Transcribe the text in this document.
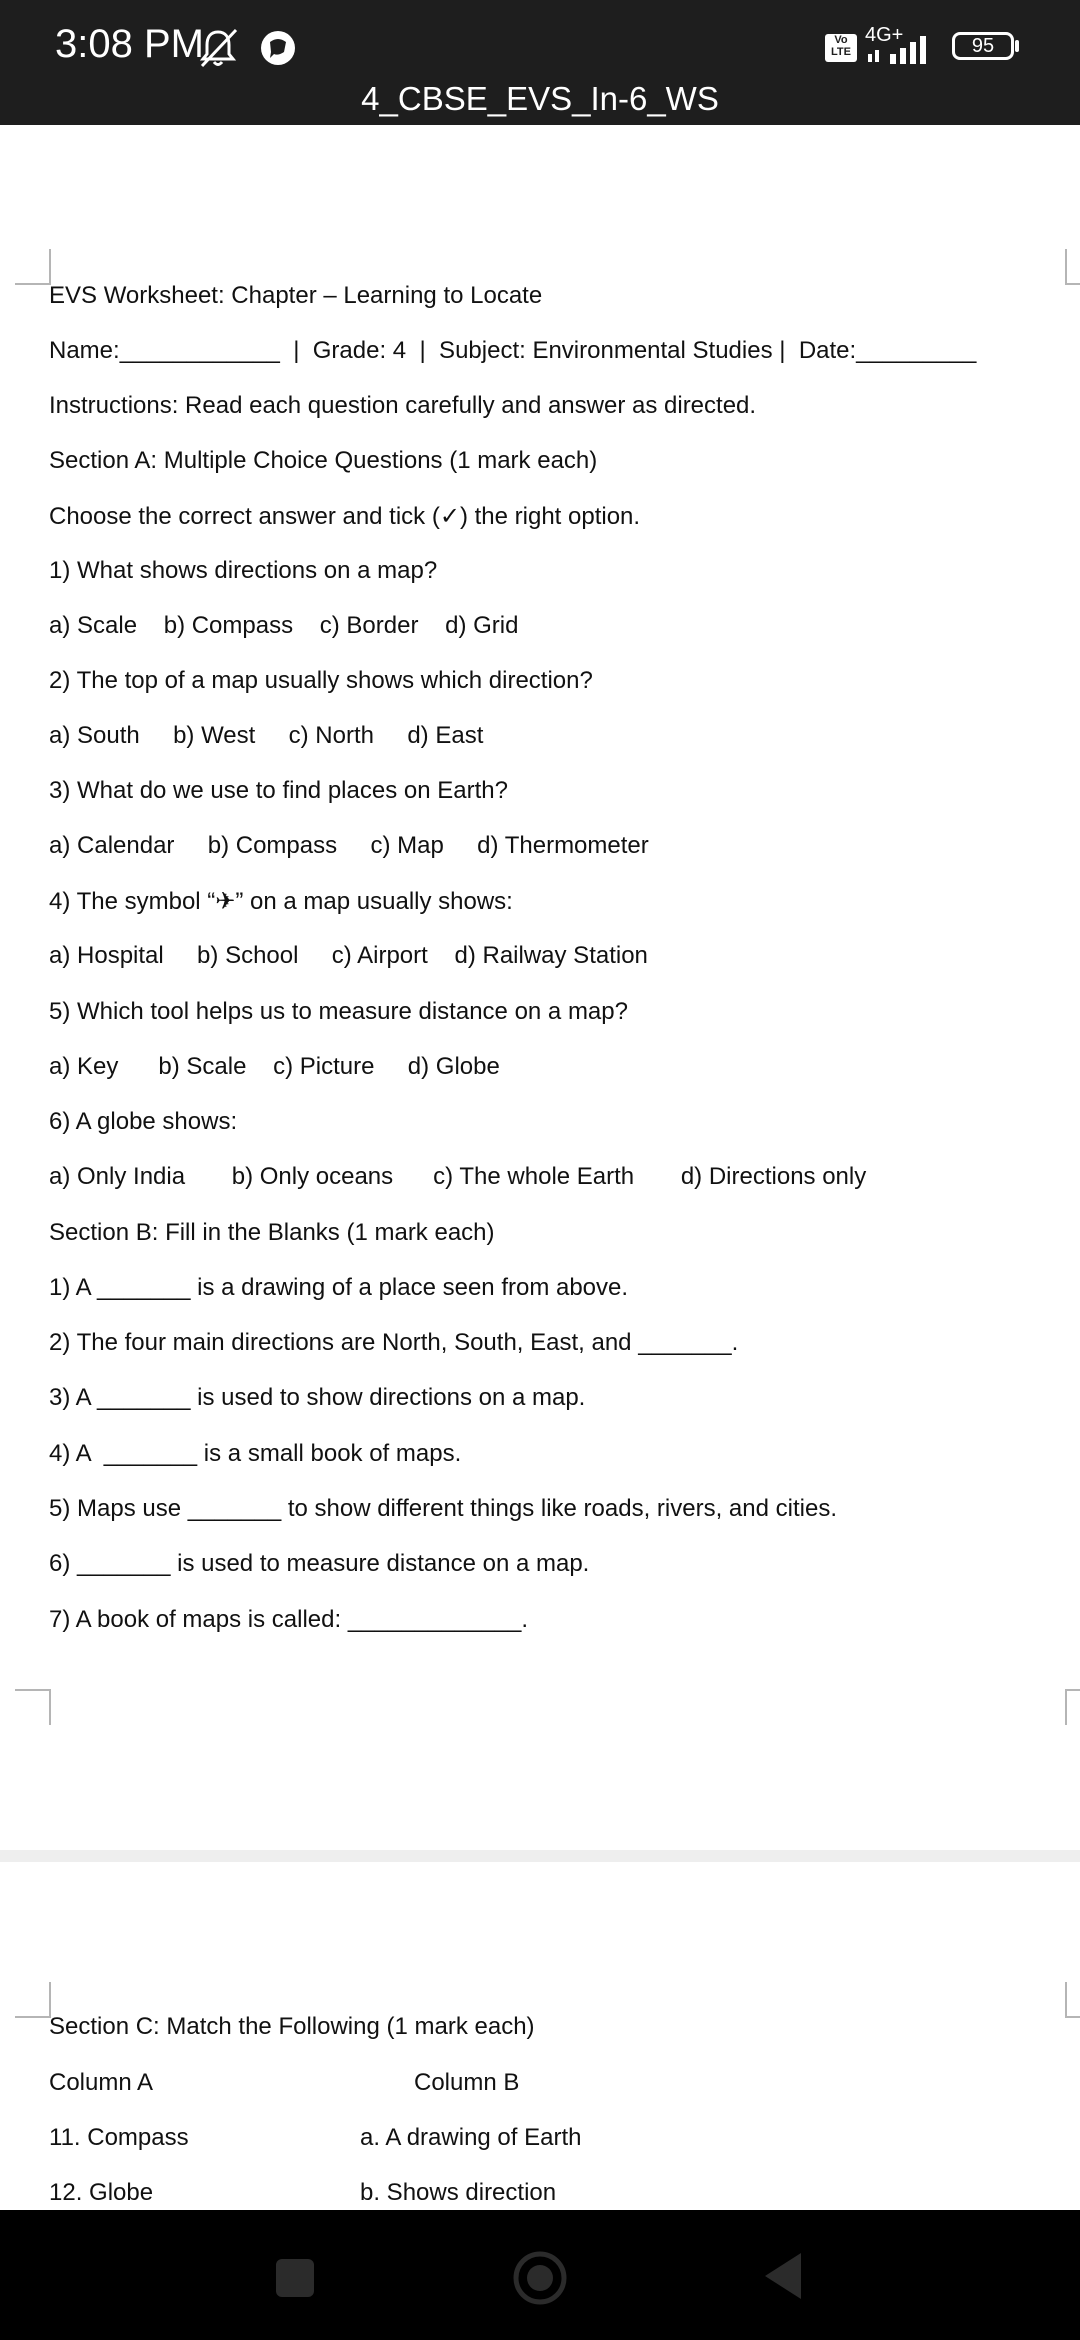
3:08 PM	Vo LTE
4G+	95
4_CBSE_EVS_In-6_WS
EVS Worksheet: Chapter – Learning to Locate
Name:____________  |  Grade: 4  |  Subject: Environmental Studies |  Date:_________
Instructions: Read each question carefully and answer as directed.
Section A: Multiple Choice Questions (1 mark each)
Choose the correct answer and tick (✓) the right option.
1) What shows directions on a map?
a) Scale    b) Compass    c) Border    d) Grid
2) The top of a map usually shows which direction?
a) South     b) West     c) North     d) East
3) What do we use to find places on Earth?
a) Calendar     b) Compass     c) Map     d) Thermometer
4) The symbol “✈” on a map usually shows:
a) Hospital     b) School     c) Airport    d) Railway Station
5) Which tool helps us to measure distance on a map?
a) Key      b) Scale    c) Picture     d) Globe
6) A globe shows:
a) Only India       b) Only oceans      c) The whole Earth       d) Directions only
Section B: Fill in the Blanks (1 mark each)
1) A _______ is a drawing of a place seen from above.
2) The four main directions are North, South, East, and _______.
3) A _______ is used to show directions on a map.
4) A  _______ is a small book of maps.
5) Maps use _______ to show different things like roads, rivers, and cities.
6) _______ is used to measure distance on a map.
7) A book of maps is called: _____________.
Section C: Match the Following (1 mark each)
Column A	Column B
11. Compass	a. A drawing of Earth
12. Globe	b. Shows direction
